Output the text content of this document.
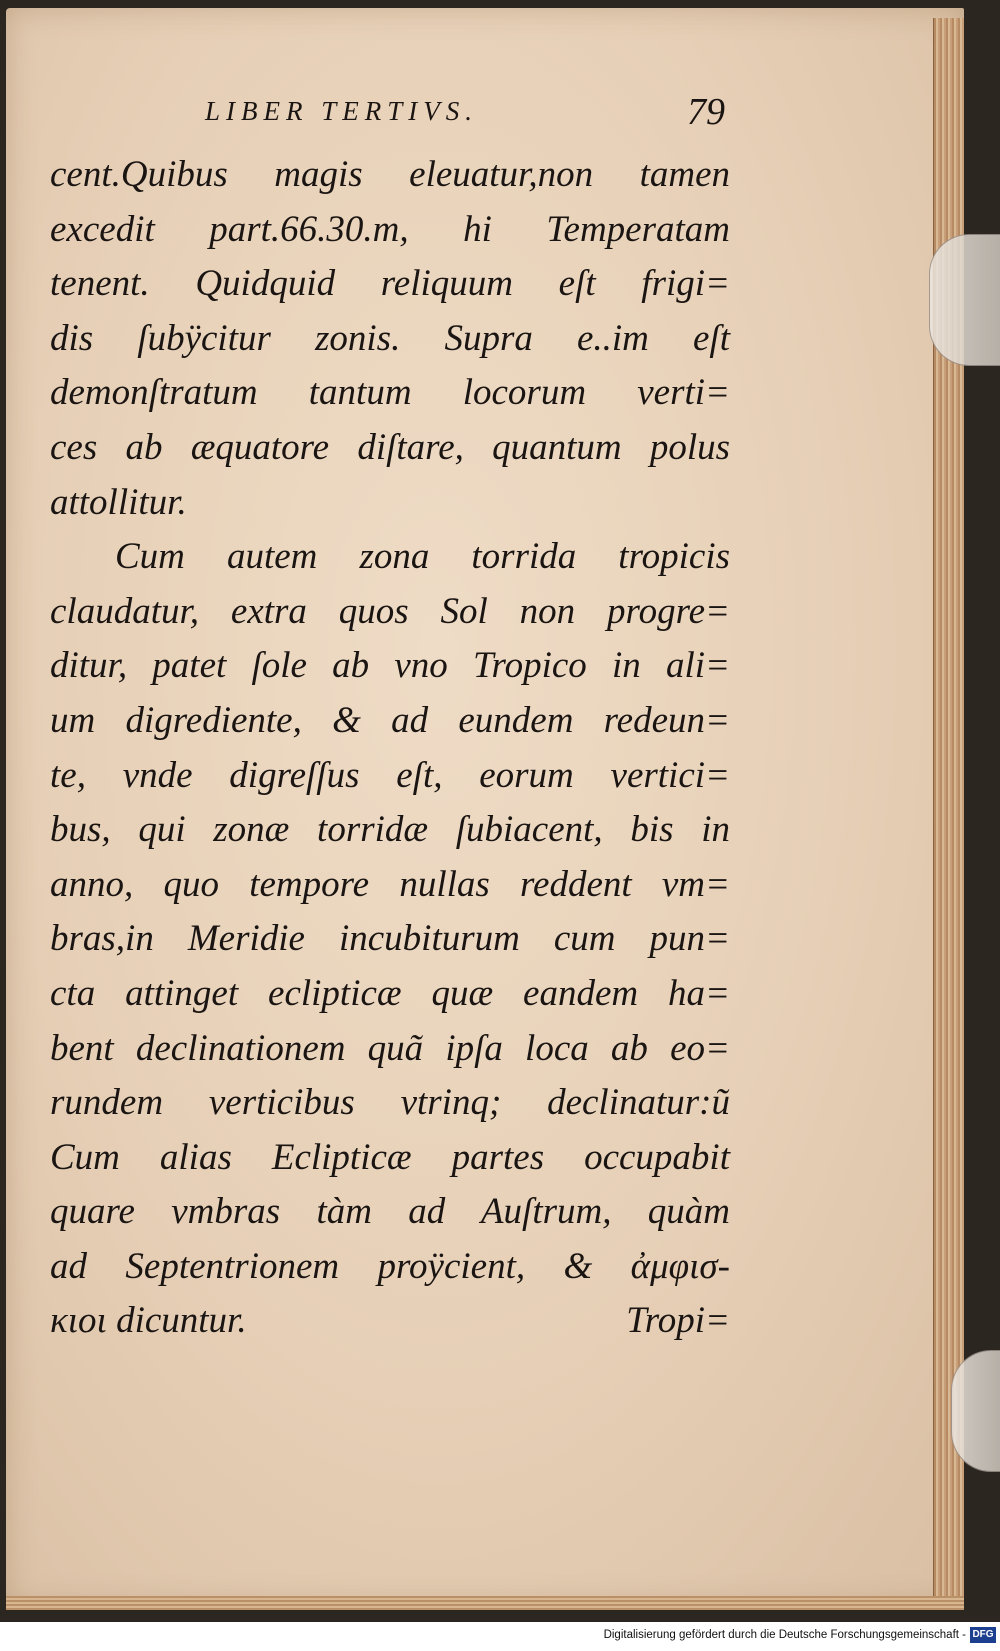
LIBER TERTIVS.	79
cent.Quibus magis eleuatur,non tamen
excedit part.66.30.m, hi Temperatam
tenent. Quidquid reliquum eſt frigi=
dis ſubÿcitur zonis. Supra e..im eſt
demonſtratum tantum locorum verti=
ces ab æquatore diſtare, quantum polus
attollitur.
Cum autem zona torrida tropicis
claudatur, extra quos Sol non progre=
ditur, patet ſole ab vno Tropico in ali=
um digrediente, & ad eundem redeun=
te, vnde digreſſus eſt, eorum vertici=
bus, qui zonæ torridæ ſubiacent, bis in
anno, quo tempore nullas reddent vm=
bras,in Meridie incubiturum cum pun=
cta attinget eclipticæ quæ eandem ha=
bent declinationem quã ipſa loca ab eo=
rundem verticibus vtrinq; declinatur:ũ
Cum alias Eclipticæ partes occupabit
quare vmbras tàm ad Auſtrum, quàm
ad Septentrionem proÿcient, & ἀμφισ-
κιοι dicuntur.	Tropi=
Digitalisierung gefördert durch die Deutsche Forschungsgemeinschaft - DFG
